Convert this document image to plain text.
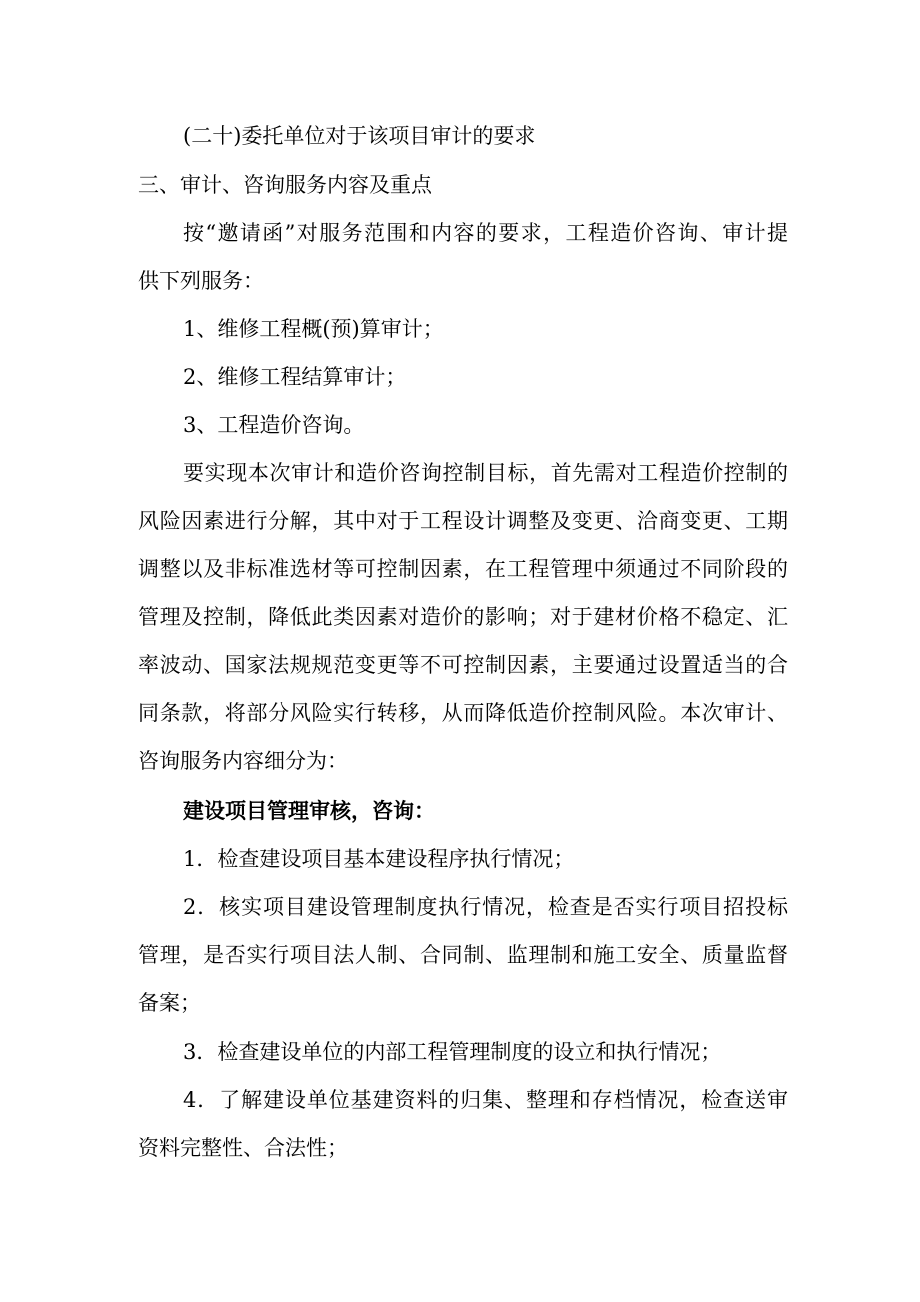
(二十)委托单位对于该项目审计的要求
三、审计、咨询服务内容及重点
按“邀请函”对服务范围和内容的要求，工程造价咨询、审计提
供下列服务：
1、维修工程概(预)算审计；
2、维修工程结算审计；
3、工程造价咨询。
要实现本次审计和造价咨询控制目标，首先需对工程造价控制的
风险因素进行分解，其中对于工程设计调整及变更、洽商变更、工期
调整以及非标准选材等可控制因素，在工程管理中须通过不同阶段的
管理及控制，降低此类因素对造价的影响；对于建材价格不稳定、汇
率波动、国家法规规范变更等不可控制因素，主要通过设置适当的合
同条款，将部分风险实行转移，从而降低造价控制风险。本次审计、
咨询服务内容细分为：
建设项目管理审核，咨询：
1．检查建设项目基本建设程序执行情况；
2．核实项目建设管理制度执行情况，检查是否实行项目招投标
管理，是否实行项目法人制、合同制、监理制和施工安全、质量监督
备案；
3．检查建设单位的内部工程管理制度的设立和执行情况；
4．了解建设单位基建资料的归集、整理和存档情况，检查送审
资料完整性、合法性；
